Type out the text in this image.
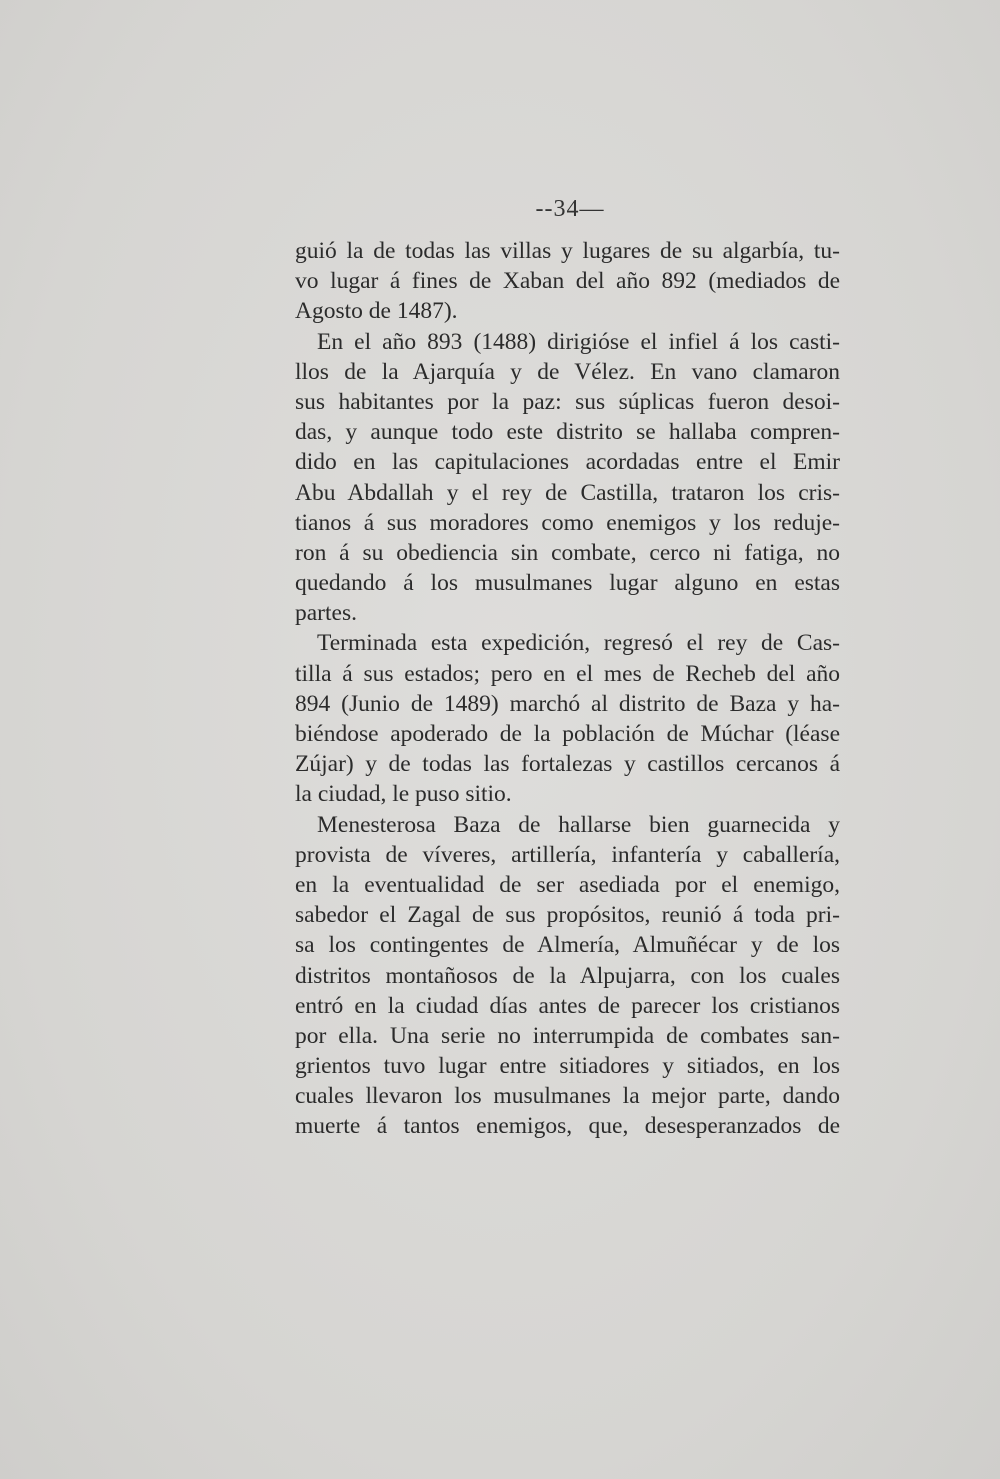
--34—
guió la de todas las villas y lugares de su algarbía, tu-
vo lugar á fines de Xaban del año 892 (mediados de
Agosto de 1487).
En el año 893 (1488) dirigióse el infiel á los casti-
llos de la Ajarquía y de Vélez. En vano clamaron
sus habitantes por la paz: sus súplicas fueron desoi-
das, y aunque todo este distrito se hallaba compren-
dido en las capitulaciones acordadas entre el Emir
Abu Abdallah y el rey de Castilla, trataron los cris-
tianos á sus moradores como enemigos y los reduje-
ron á su obediencia sin combate, cerco ni fatiga, no
quedando á los musulmanes lugar alguno en estas
partes.
Terminada esta expedición, regresó el rey de Cas-
tilla á sus estados; pero en el mes de Recheb del año
894 (Junio de 1489) marchó al distrito de Baza y ha-
biéndose apoderado de la población de Múchar (léase
Zújar) y de todas las fortalezas y castillos cercanos á
la ciudad, le puso sitio.
Menesterosa Baza de hallarse bien guarnecida y
provista de víveres, artillería, infantería y caballería,
en la eventualidad de ser asediada por el enemigo,
sabedor el Zagal de sus propósitos, reunió á toda pri-
sa los contingentes de Almería, Almuñécar y de los
distritos montañosos de la Alpujarra, con los cuales
entró en la ciudad días antes de parecer los cristianos
por ella. Una serie no interrumpida de combates san-
grientos tuvo lugar entre sitiadores y sitiados, en los
cuales llevaron los musulmanes la mejor parte, dando
muerte á tantos enemigos, que, desesperanzados de
